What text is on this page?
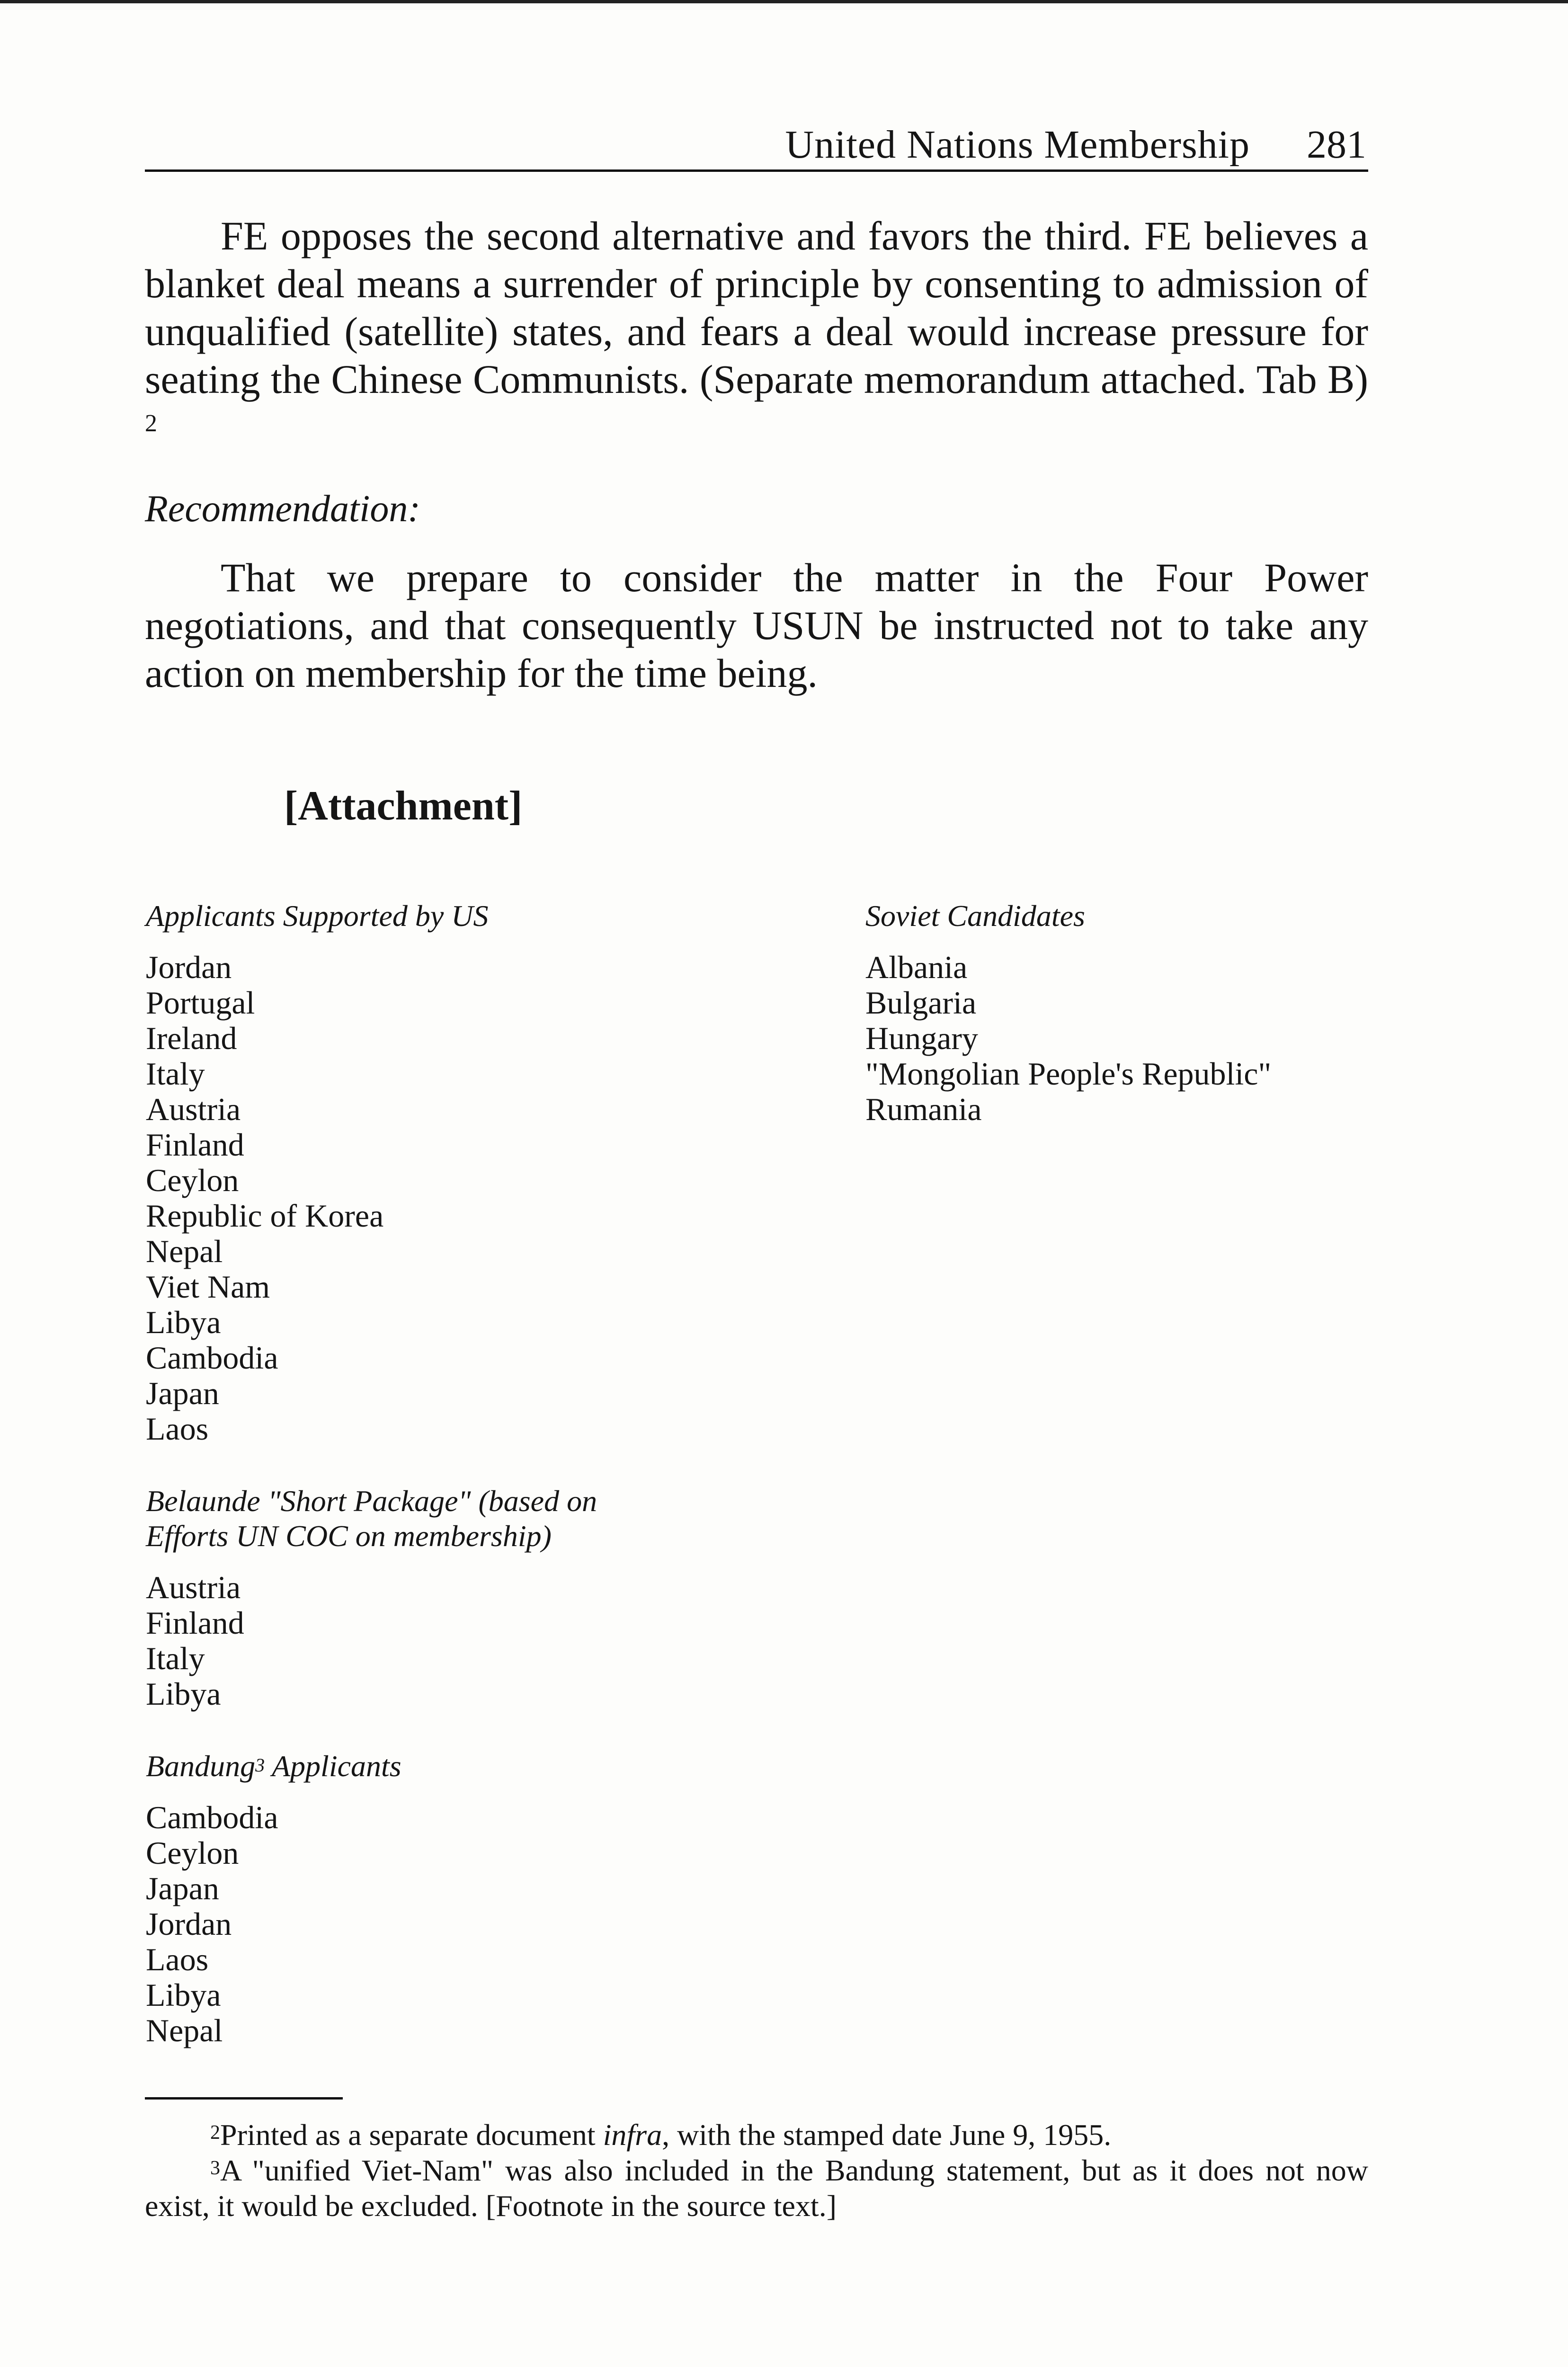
United Nations Membership 281

FE opposes the second alternative and favors the third. FE believes a blanket deal means a surrender of principle by consenting to admission of unqualified (satellite) states, and fears a deal would increase pressure for seating the Chinese Communists. (Separate memorandum attached. Tab B) $^2$

Recommendation:

That we prepare to consider the matter in the Four Power negotiations, and that consequently USUN be instructed not to take any action on membership for the time being.

[Attachment]

Applicants Supported by US

Jordan
Portugal
Ireland
Italy
Austria
Finland
Ceylon
Republic of Korea
Nepal
Viet Nam
Libya
Cambodia
Japan
Laos

Belaunde "Short Package" (based on Efforts UN COC on membership)

Austria
Finland
Italy
Libya

Bandung$^3$ Applicants

Cambodia
Ceylon
Japan
Jordan
Laos
Libya
Nepal

Soviet Candidates

Albania
Bulgaria
Hungary
"Mongolian People's Republic"
Rumania

$^2$Printed as a separate document infra, with the stamped date June 9, 1955.

$^3$A "unified Viet-Nam" was also included in the Bandung statement, but as it does not now exist, it would be excluded. [Footnote in the source text.]
